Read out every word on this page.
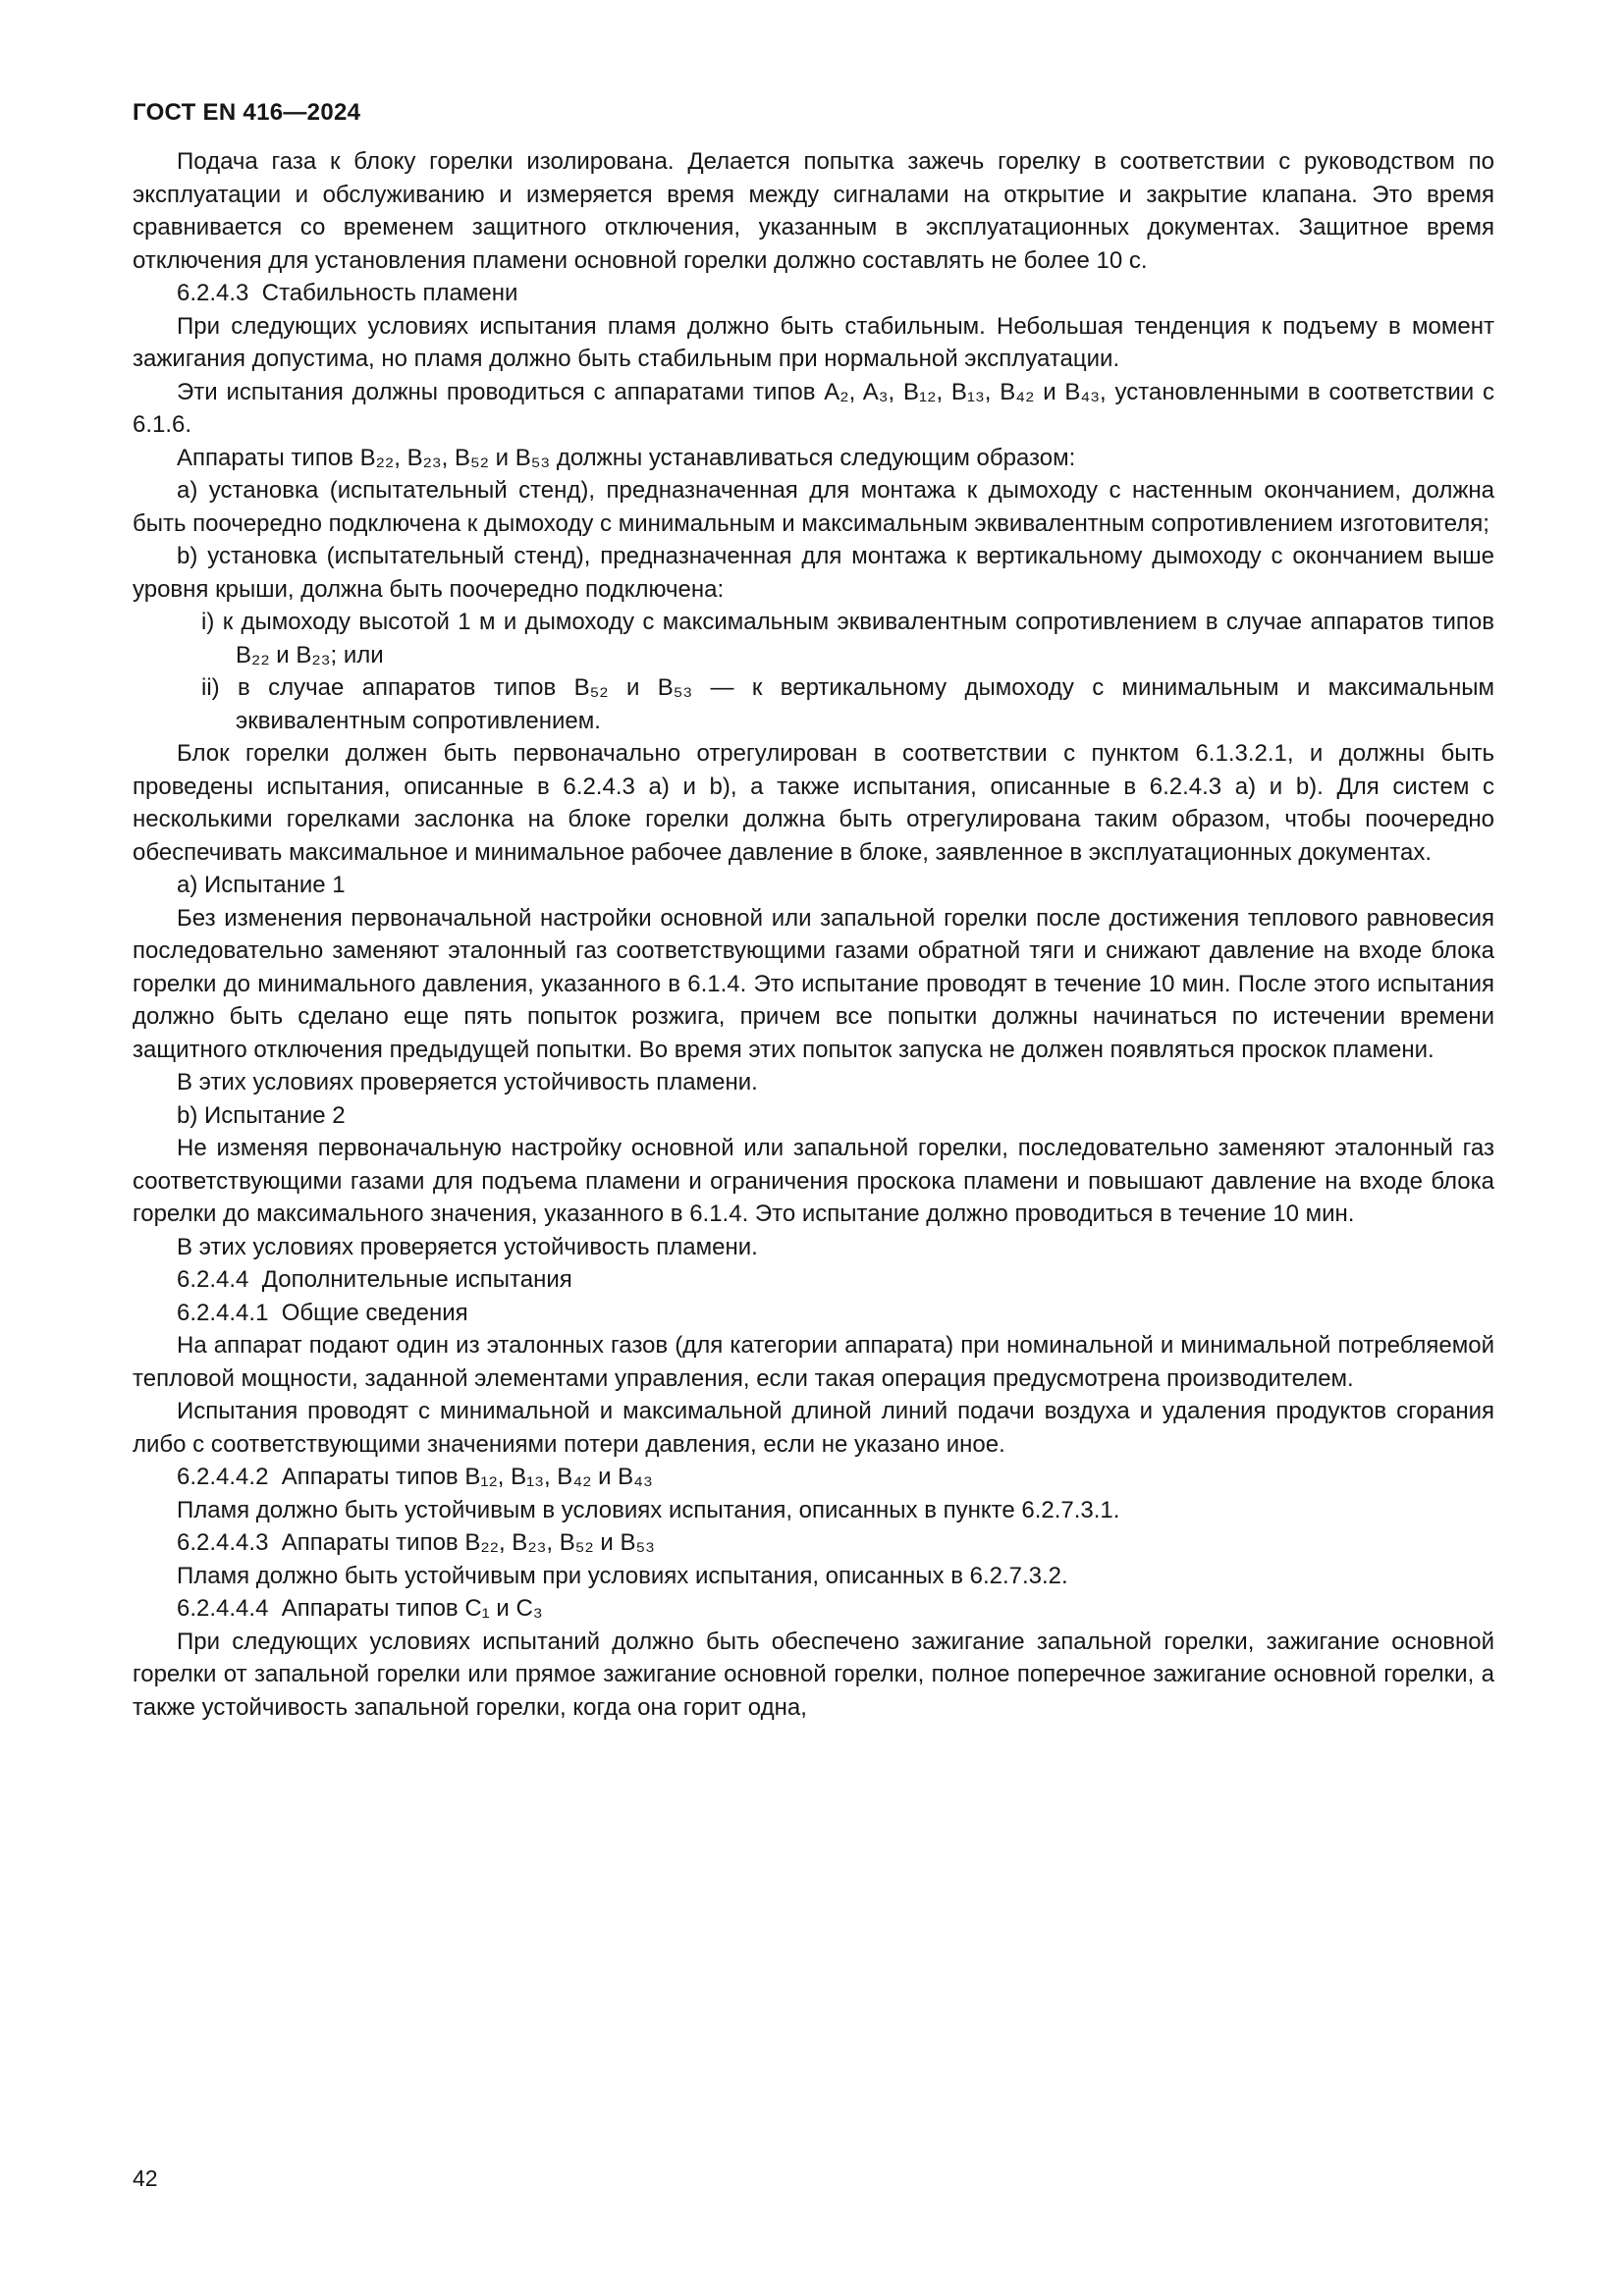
ГОСТ EN 416—2024

Подача газа к блоку горелки изолирована. Делается попытка зажечь горелку в соответствии с руководством по эксплуатации и обслуживанию и измеряется время между сигналами на открытие и закрытие клапана. Это время сравнивается со временем защитного отключения, указанным в эксплуатационных документах. Защитное время отключения для установления пламени основной горелки должно составлять не более 10 с.

6.2.4.3  Стабильность пламени

При следующих условиях испытания пламя должно быть стабильным. Небольшая тенденция к подъему в момент зажигания допустима, но пламя должно быть стабильным при нормальной эксплуатации.

Эти испытания должны проводиться с аппаратами типов A₂, A₃, B₁₂, B₁₃, B₄₂ и B₄₃, установленными в соответствии с 6.1.6.

Аппараты типов B₂₂, B₂₃, B₅₂ и B₅₃ должны устанавливаться следующим образом:

a) установка (испытательный стенд), предназначенная для монтажа к дымоходу с настенным окончанием, должна быть поочередно подключена к дымоходу с минимальным и максимальным эквивалентным сопротивлением изготовителя;

b) установка (испытательный стенд), предназначенная для монтажа к вертикальному дымоходу с окончанием выше уровня крыши, должна быть поочередно подключена:

i) к дымоходу высотой 1 м и дымоходу с максимальным эквивалентным сопротивлением в случае аппаратов типов B₂₂ и B₂₃; или

ii) в случае аппаратов типов B₅₂ и B₅₃ — к вертикальному дымоходу с минимальным и максимальным эквивалентным сопротивлением.

Блок горелки должен быть первоначально отрегулирован в соответствии с пунктом 6.1.3.2.1, и должны быть проведены испытания, описанные в 6.2.4.3 a) и b), а также испытания, описанные в 6.2.4.3 a) и b). Для систем с несколькими горелками заслонка на блоке горелки должна быть отрегулирована таким образом, чтобы поочередно обеспечивать максимальное и минимальное рабочее давление в блоке, заявленное в эксплуатационных документах.

a) Испытание 1

Без изменения первоначальной настройки основной или запальной горелки после достижения теплового равновесия последовательно заменяют эталонный газ соответствующими газами обратной тяги и снижают давление на входе блока горелки до минимального давления, указанного в 6.1.4. Это испытание проводят в течение 10 мин. После этого испытания должно быть сделано еще пять попыток розжига, причем все попытки должны начинаться по истечении времени защитного отключения предыдущей попытки. Во время этих попыток запуска не должен появляться проскок пламени.

В этих условиях проверяется устойчивость пламени.

b) Испытание 2

Не изменяя первоначальную настройку основной или запальной горелки, последовательно заменяют эталонный газ соответствующими газами для подъема пламени и ограничения проскока пламени и повышают давление на входе блока горелки до максимального значения, указанного в 6.1.4. Это испытание должно проводиться в течение 10 мин.

В этих условиях проверяется устойчивость пламени.

6.2.4.4  Дополнительные испытания

6.2.4.4.1  Общие сведения

На аппарат подают один из эталонных газов (для категории аппарата) при номинальной и минимальной потребляемой тепловой мощности, заданной элементами управления, если такая операция предусмотрена производителем.

Испытания проводят с минимальной и максимальной длиной линий подачи воздуха и удаления продуктов сгорания либо с соответствующими значениями потери давления, если не указано иное.

6.2.4.4.2  Аппараты типов B₁₂, B₁₃, B₄₂ и B₄₃

Пламя должно быть устойчивым в условиях испытания, описанных в пункте 6.2.7.3.1.

6.2.4.4.3  Аппараты типов B₂₂, B₂₃, B₅₂ и B₅₃

Пламя должно быть устойчивым при условиях испытания, описанных в 6.2.7.3.2.

6.2.4.4.4  Аппараты типов C₁ и C₃

При следующих условиях испытаний должно быть обеспечено зажигание запальной горелки, зажигание основной горелки от запальной горелки или прямое зажигание основной горелки, полное поперечное зажигание основной горелки, а также устойчивость запальной горелки, когда она горит одна,

42
